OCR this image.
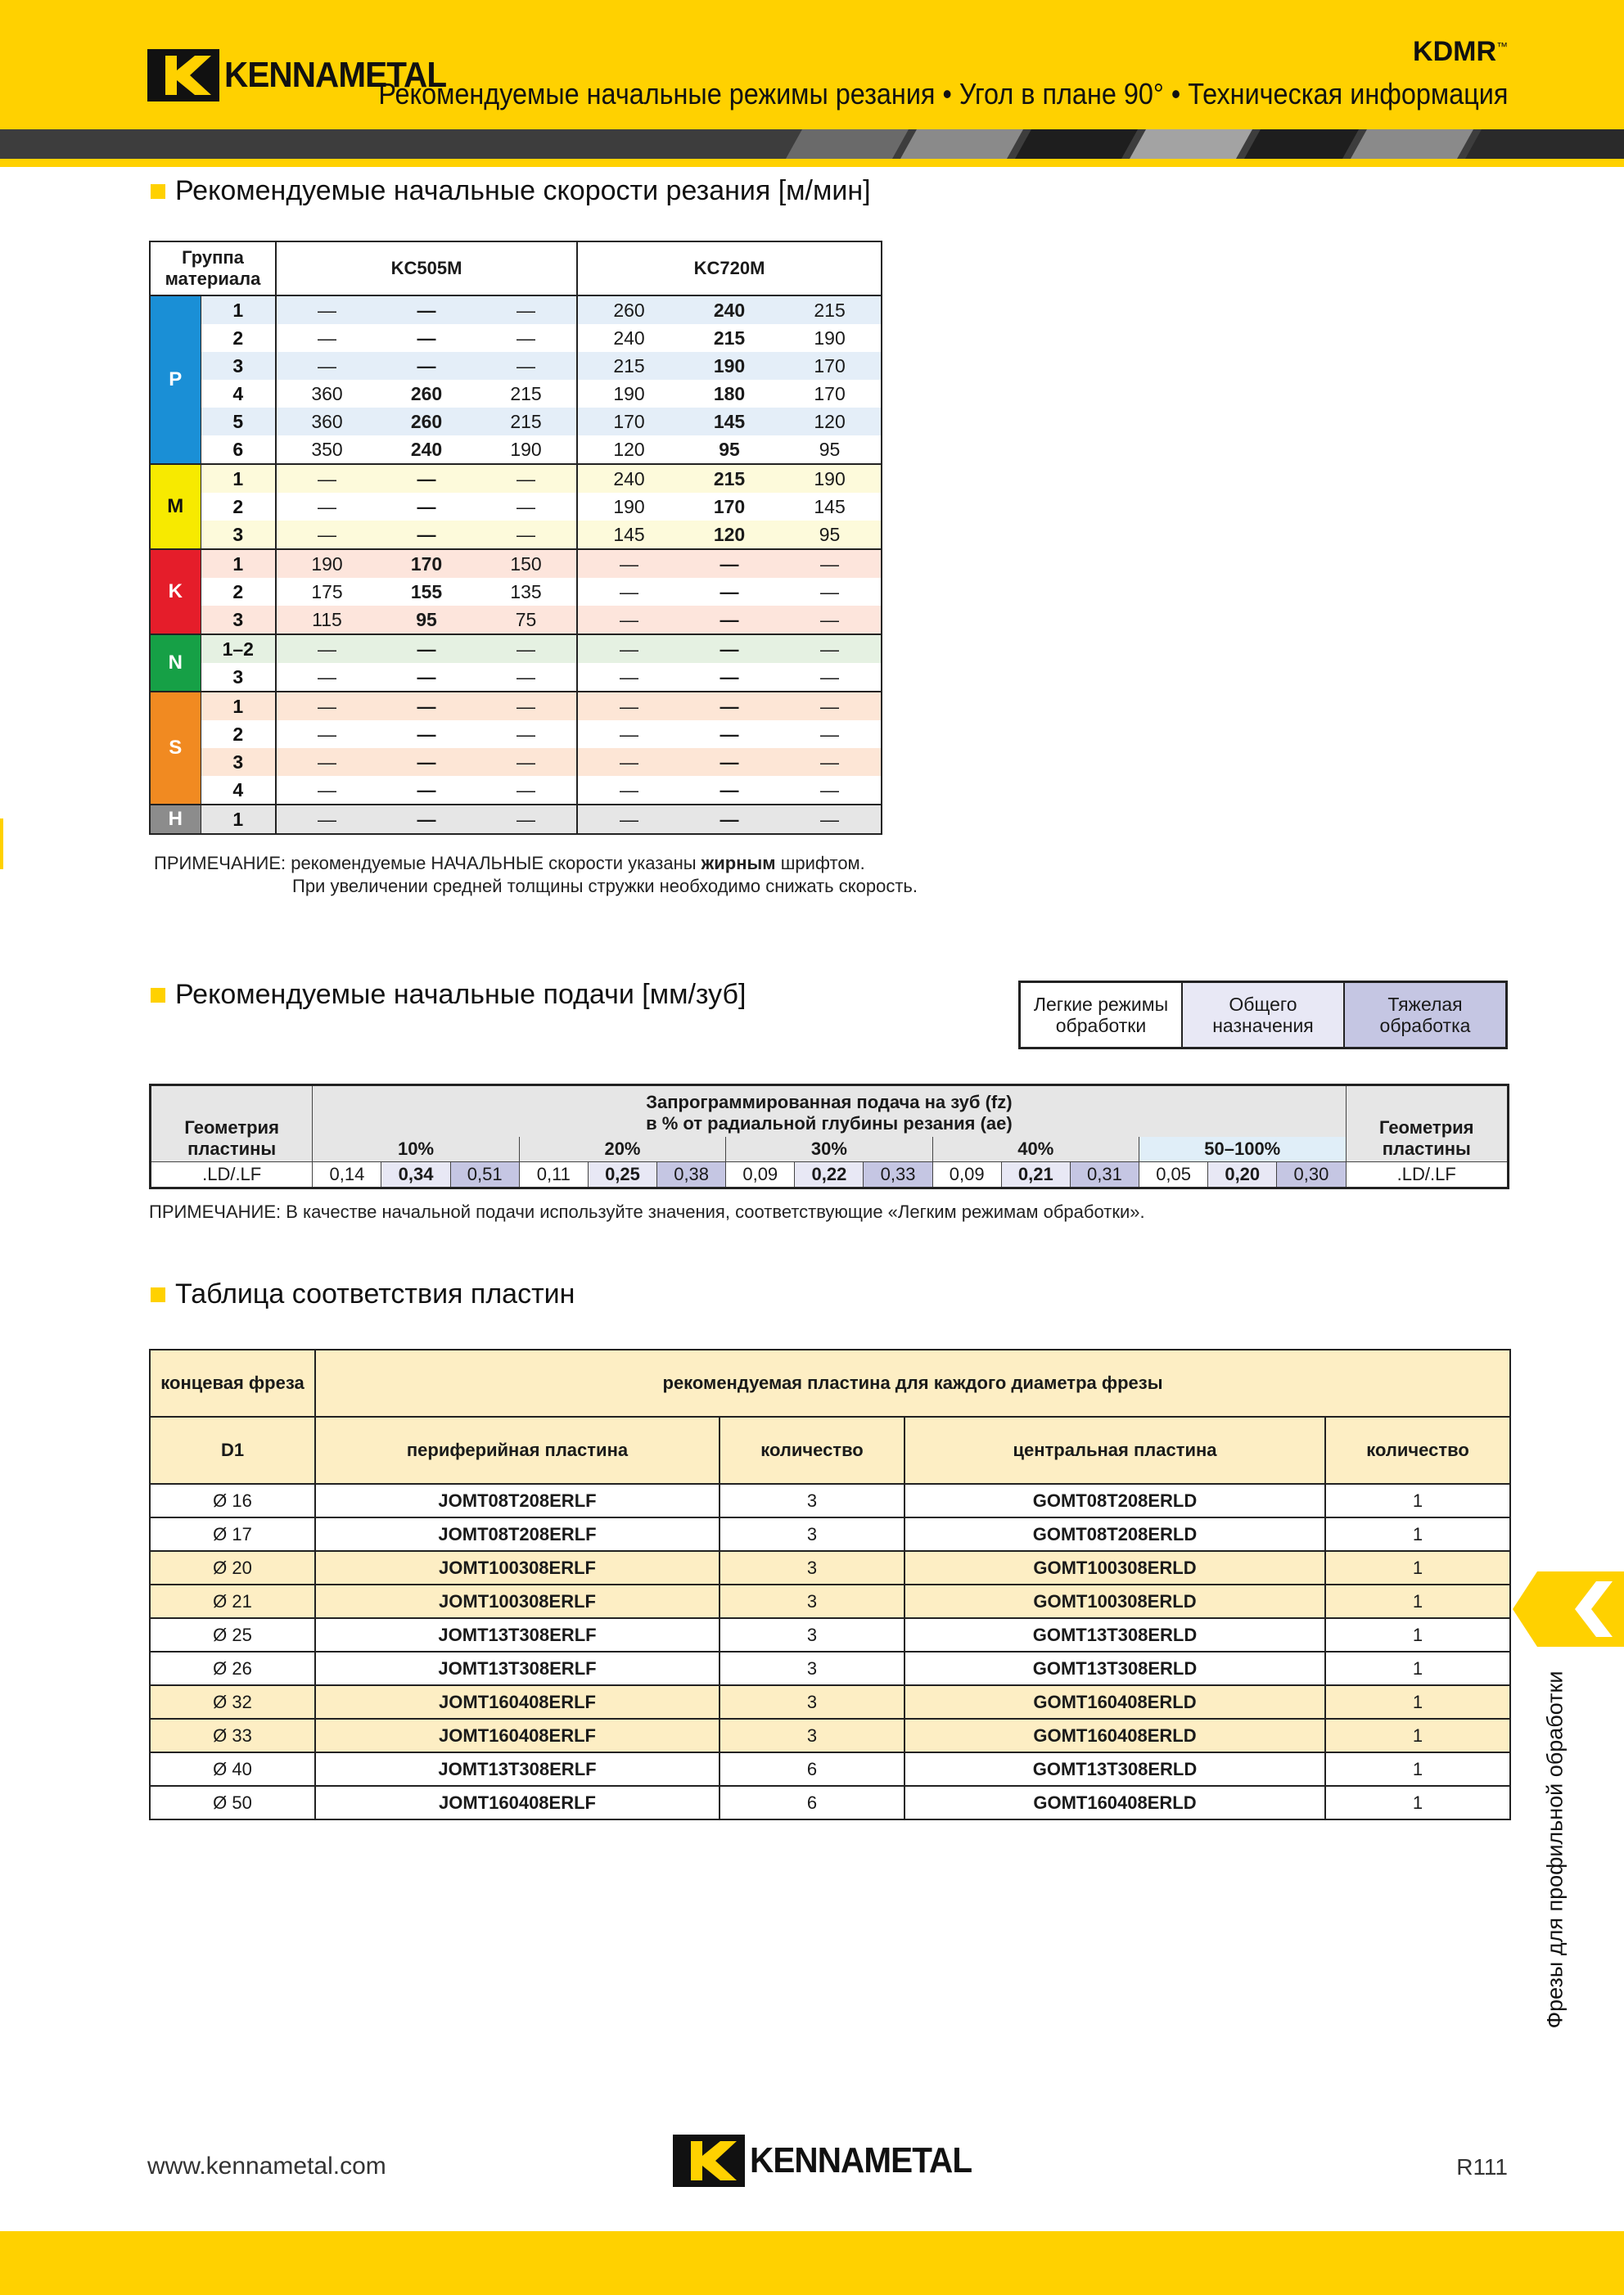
KENNAMETAL
KDMR™
Рекомендуемые начальные режимы резания • Угол в плане 90° • Техническая информация
Рекомендуемые начальные скорости резания [м/мин]
Группа материала		KC505M			KC720M		
P	1	—	—	—	260	240	215
	2	—	—	—	240	215	190
	3	—	—	—	215	190	170
	4	360	260	215	190	180	170
	5	360	260	215	170	145	120
	6	350	240	190	120	95	95
M	1	—	—	—	240	215	190
	2	—	—	—	190	170	145
	3	—	—	—	145	120	95
K	1	190	170	150	—	—	—
	2	175	155	135	—	—	—
	3	115	95	75	—	—	—
N	1–2	—	—	—	—	—	—
	3	—	—	—	—	—	—
S	1	—	—	—	—	—	—
	2	—	—	—	—	—	—
	3	—	—	—	—	—	—
	4	—	—	—	—	—	—
H	1	—	—	—	—	—	—
ПРИМЕЧАНИЕ: рекомендуемые НАЧАЛЬНЫЕ скорости указаны жирным шрифтом.
При увеличении средней толщины стружки необходимо снижать скорость.
Рекомендуемые начальные подачи [мм/зуб]	Легкие режимы обработки
Общего назначения
Тяжелая обработка
Геометрия пластины	Запрограммированная подача на зуб (fz)
в % от радиальной глубины резания (ae)															Геометрия пластины
	10%			20%			30%			40%			50–100%			
.LD/.LF	0,14	0,34	0,51	0,11	0,25	0,38	0,09	0,22	0,33	0,09	0,21	0,31	0,05	0,20	0,30	.LD/.LF
ПРИМЕЧАНИЕ: В качестве начальной подачи используйте значения, соответствующие «Легким режимам обработки».
Таблица соответствия пластин
концевая фреза	рекомендуемая пластина для каждого диаметра фрезы			
D1	периферийная пластина	количество	центральная пластина	количество
Ø 16	JOMT08T208ERLF	3	GOMT08T208ERLD	1
Ø 17	JOMT08T208ERLF	3	GOMT08T208ERLD	1
Ø 20	JOMT100308ERLF	3	GOMT100308ERLD	1
Ø 21	JOMT100308ERLF	3	GOMT100308ERLD	1
Ø 25	JOMT13T308ERLF	3	GOMT13T308ERLD	1
Ø 26	JOMT13T308ERLF	3	GOMT13T308ERLD	1
Ø 32	JOMT160408ERLF	3	GOMT160408ERLD	1
Ø 33	JOMT160408ERLF	3	GOMT160408ERLD	1
Ø 40	JOMT13T308ERLF	6	GOMT13T308ERLD	1
Ø 50	JOMT160408ERLF	6	GOMT160408ERLD	1	Фрезы для профильной обработки
www.kennametal.com	KENNAMETAL	R111
